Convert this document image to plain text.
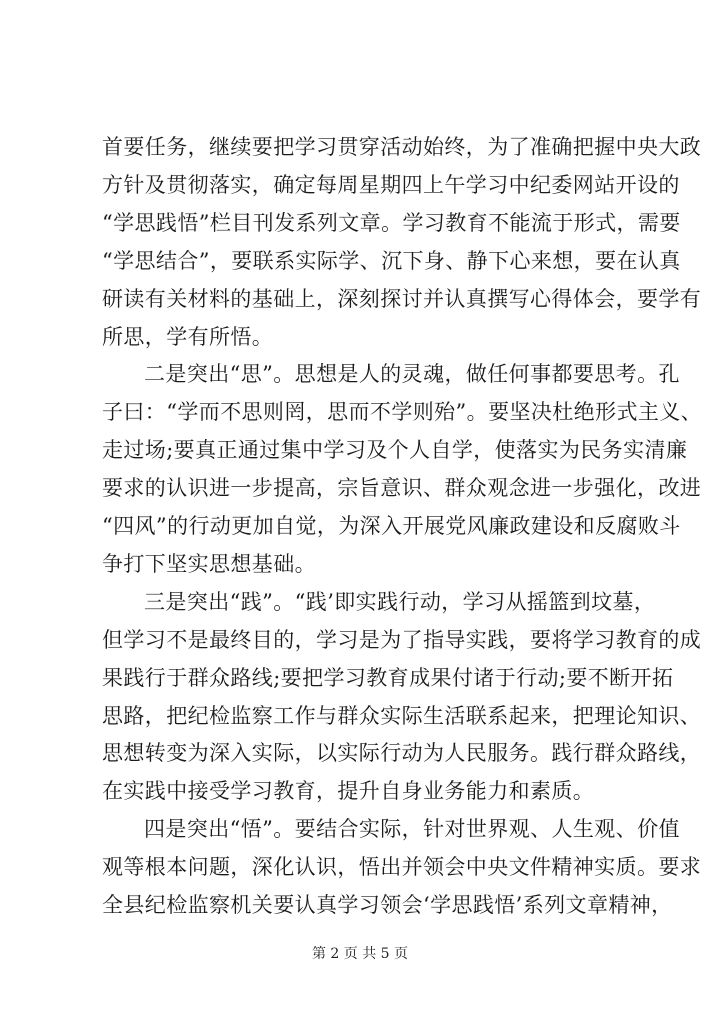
首要任务，继续要把学习贯穿活动始终，为了准确把握中央大政
方针及贯彻落实，确定每周星期四上午学习中纪委网站开设的
“学思践悟”栏目刊发系列文章。学习教育不能流于形式，需要
“学思结合”，要联系实际学、沉下身、静下心来想，要在认真
研读有关材料的基础上，深刻探讨并认真撰写心得体会，要学有
所思，学有所悟。
二是突出“思”。思想是人的灵魂，做任何事都要思考。孔
子曰：“学而不思则罔，思而不学则殆”。要坚决杜绝形式主义、
走过场;要真正通过集中学习及个人自学，使落实为民务实清廉
要求的认识进一步提高，宗旨意识、群众观念进一步强化，改进
“四风”的行动更加自觉，为深入开展党风廉政建设和反腐败斗
争打下坚实思想基础。
三是突出“践”。“践’即实践行动，学习从摇篮到坟墓，
但学习不是最终目的，学习是为了指导实践，要将学习教育的成
果践行于群众路线;要把学习教育成果付诸于行动;要不断开拓
思路，把纪检监察工作与群众实际生活联系起来，把理论知识、
思想转变为深入实际，以实际行动为人民服务。践行群众路线，
在实践中接受学习教育，提升自身业务能力和素质。
四是突出“悟”。要结合实际，针对世界观、人生观、价值
观等根本问题，深化认识，悟出并领会中央文件精神实质。要求
全县纪检监察机关要认真学习领会‘学思践悟’系列文章精神，
第 2 页 共 5 页
